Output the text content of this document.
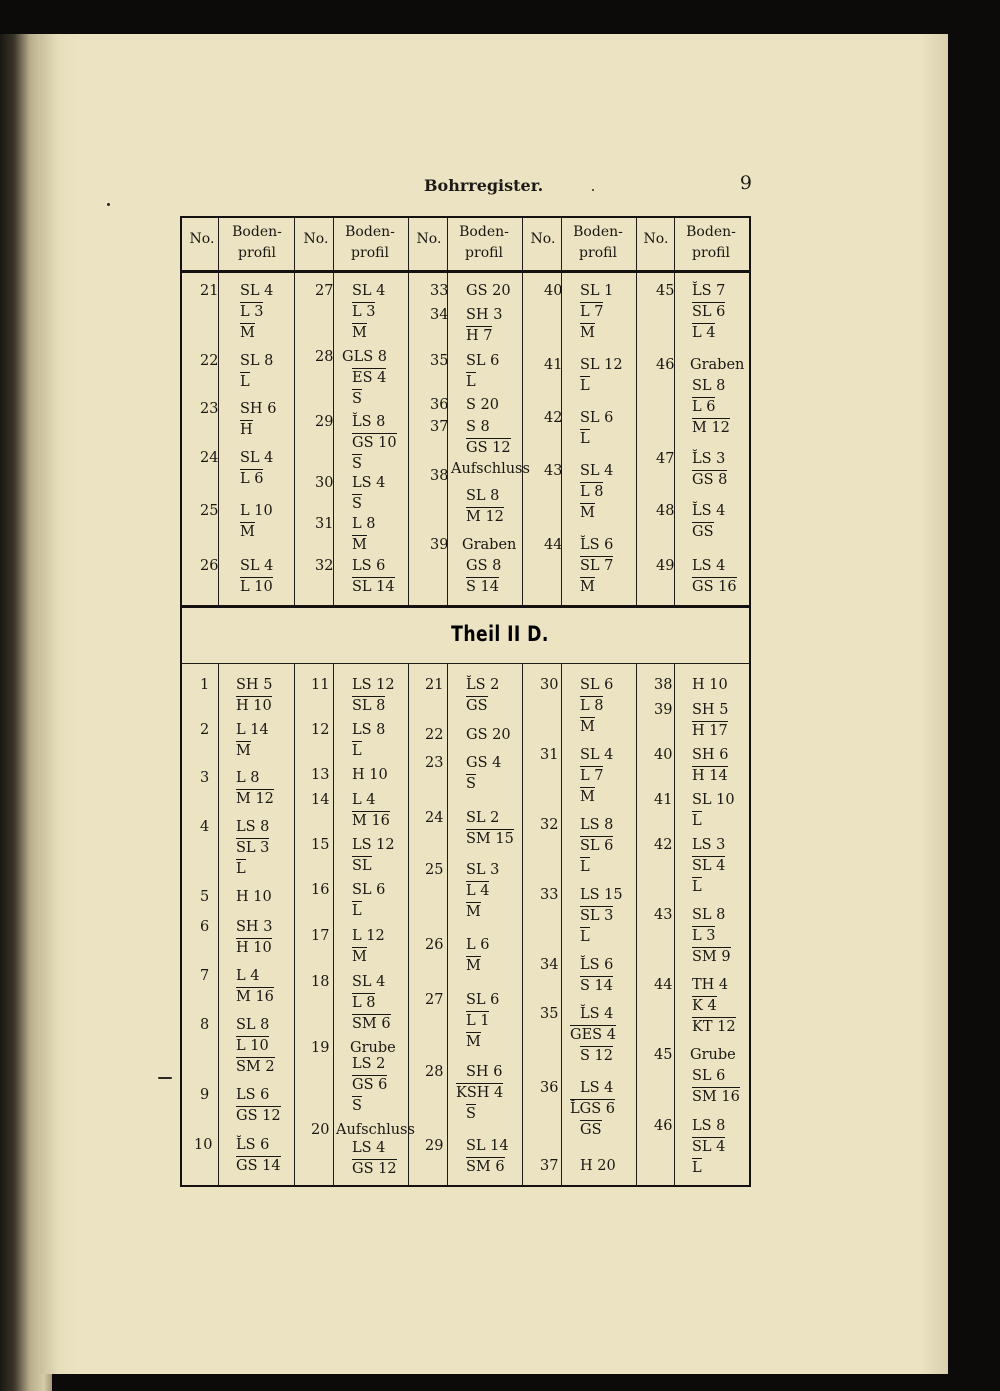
Bohrregister.	9
No.	Boden-profil
No.	Boden-profil
No.	Boden-profil
No.	Boden-profil
No.	Boden-profil
Theil II D.
21 SL 4
L 3
M
22 SL 8
L
23 SH 6
H
24 SL 4
L 6
25 L 10
M
26 SL 4
L 10
27 SL 4
L 3
M
28 GLS 8
ES 4
S
29 L̆S 8
GS 10
S
30 LS 4
S
31 L 8
M
32 LS 6
SL 14
33 GS 20
34 SH 3
H 7
35 SL 6
L
36 S 20
37 S 8
GS 12
38 Aufschluss
SL 8
M 12
39 Graben
GS 8
S 14
40 SL 1
L 7
M
41 SL 12
L
42 SL 6
L
43 SL 4
L 8
M
44 L̆S 6
SL 7
M
45 L̆S 7
SL 6
L 4
46 Graben
SL 8
L 6
M 12
47 L̆S 3
GS 8
48 L̆S 4
GS
49 LS 4
GS 16
1 SH 5
H 10
2 L 14
M
3 L 8
M 12
4 LS 8
SL 3
L
5 H 10
6 SH 3
H 10
7 L 4
M 16
8 SL 8
L 10
SM 2
9 LS 6
GS 12
10 L̆S 6
GS 14
11 LS 12
SL 8
12 LS 8
L
13 H 10
14 L 4
M 16
15 LS 12
SL
16 SL 6
L
17 L 12
M
18 SL 4
L 8
SM 6
19 Grube
LS 2
GS 6
S
20 Aufschluss
LS 4
GS 12
21 L̆S 2
GS
22 GS 20
23 GS 4
S
24 SL 2
SM 15
25 SL 3
L 4
M
26 L 6
M
27 SL 6
L 1
M
28 SH 6
KSH 4
S
29 SL 14
SM 6
30 SL 6
L 8
M
31 SL 4
L 7
M
32 LS 8
SL 6
L
33 LS 15
SL 3
L
34 L̆S 6
S 14
35 L̆S 4
GES 4
S 12
36 LS 4
L̆GS 6
GS
37 H 20
38 H 10
39 SH 5
H 17
40 SH 6
H 14
41 SL 10
L
42 LS 3
SL 4
L
43 SL 8
L 3
SM 9
44 TH 4
K 4
KT 12
45 Grube
SL 6
SM 16
46 LS 8
SL 4
L
